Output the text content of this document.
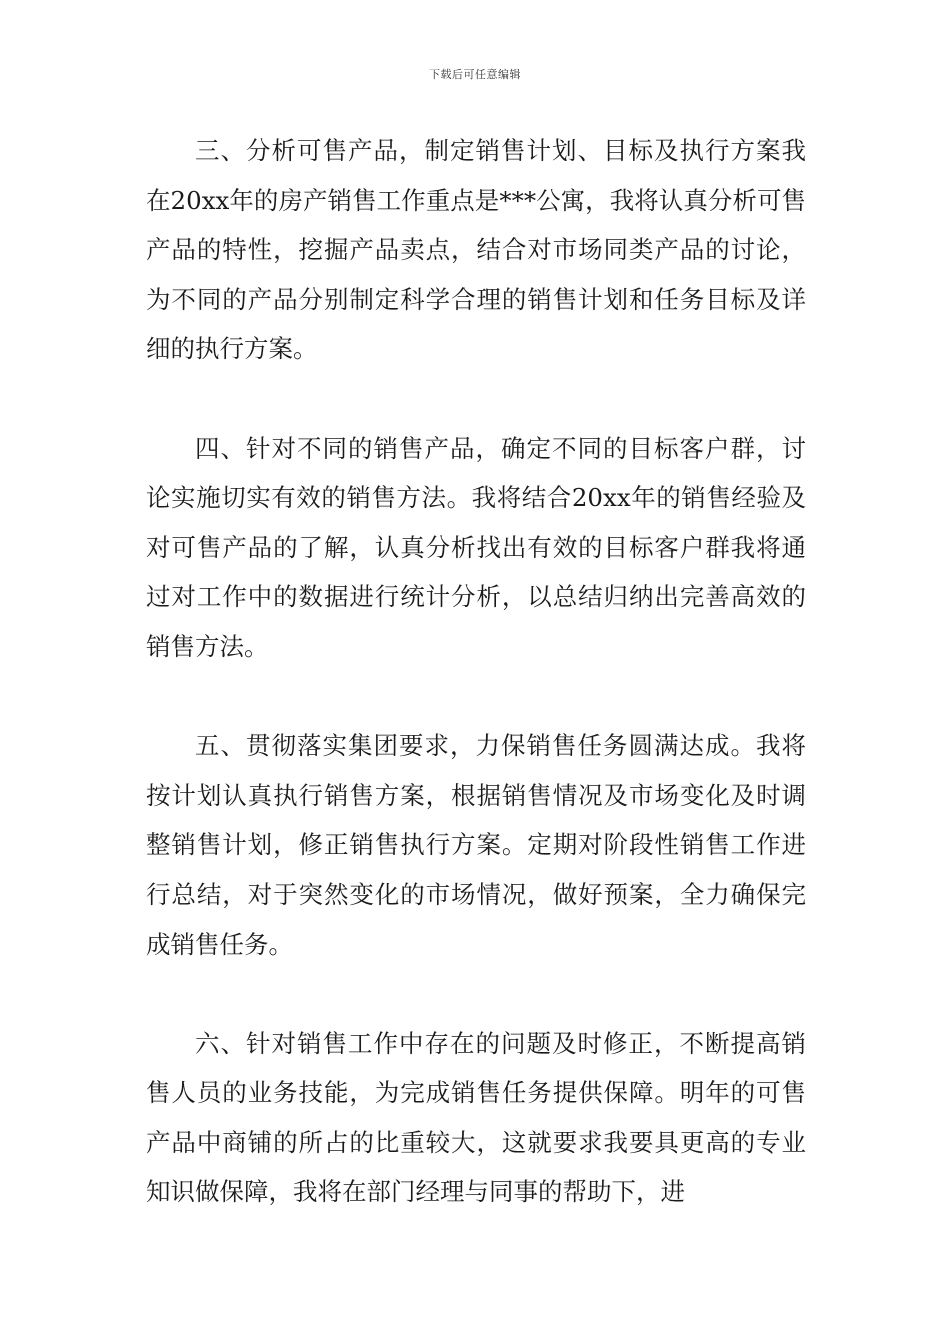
下载后可任意编辑

三、分析可售产品，制定销售计划、目标及执行方案我在20xx年的房产销售工作重点是***公寓，我将认真分析可售产品的特性，挖掘产品卖点，结合对市场同类产品的讨论，为不同的产品分别制定科学合理的销售计划和任务目标及详细的执行方案。

四、针对不同的销售产品，确定不同的目标客户群，讨论实施切实有效的销售方法。我将结合20xx年的销售经验及对可售产品的了解，认真分析找出有效的目标客户群我将通过对工作中的数据进行统计分析，以总结归纳出完善高效的销售方法。

五、贯彻落实集团要求，力保销售任务圆满达成。我将按计划认真执行销售方案，根据销售情况及市场变化及时调整销售计划，修正销售执行方案。定期对阶段性销售工作进行总结，对于突然变化的市场情况，做好预案，全力确保完成销售任务。

六、针对销售工作中存在的问题及时修正，不断提高销售人员的业务技能，为完成销售任务提供保障。明年的可售产品中商铺的所占的比重较大，这就要求我要具更高的专业知识做保障，我将在部门经理与同事的帮助下，进
